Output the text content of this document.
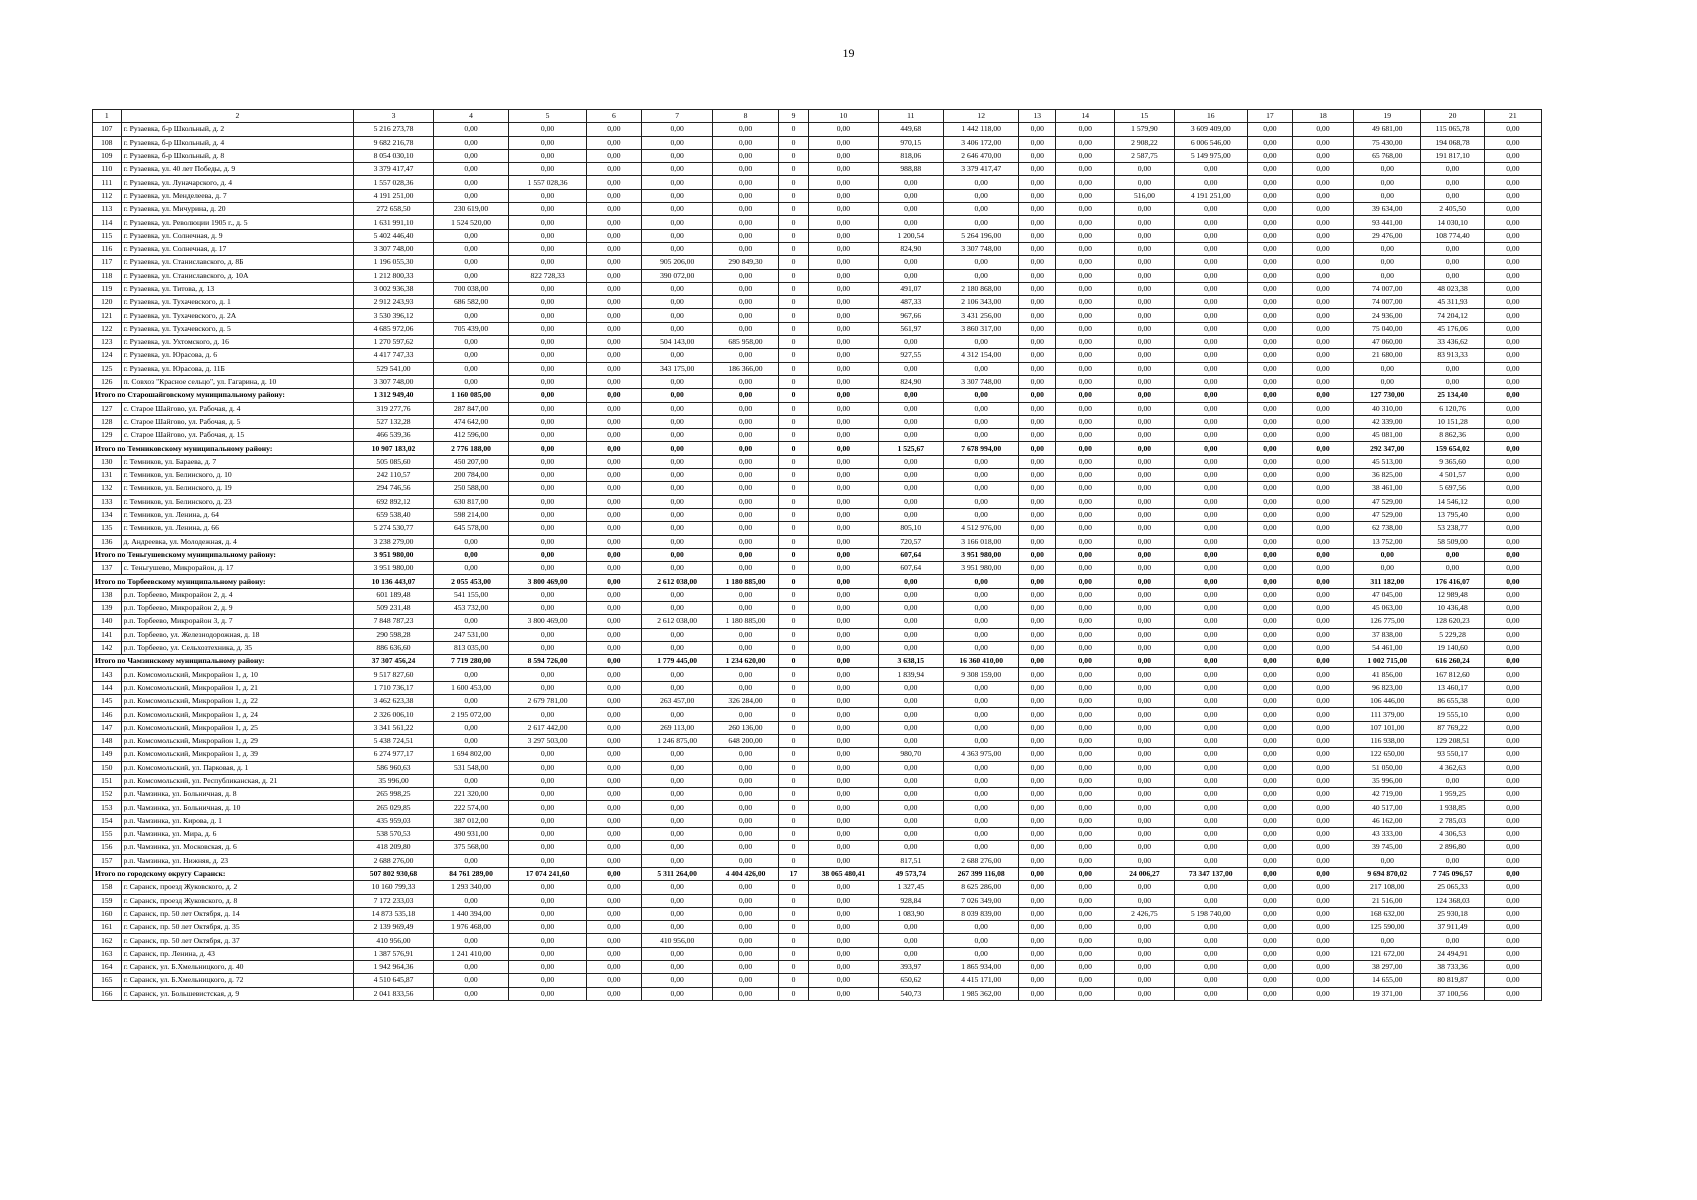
19
1	2	3	4	5	6	7	8	9	10	11	12	13	14	15	16	17	18	19	20	21
107	г. Рузаевка, б-р Школьный, д. 2	5 216 273,78	0,00	0,00	0,00	0,00	0,00	0	0,00	449,68	1 442 118,00	0,00	0,00	1 579,90	3 609 409,00	0,00	0,00	49 681,00	115 065,78	0,00
108	г. Рузаевка, б-р Школьный, д. 4	9 682 216,78	0,00	0,00	0,00	0,00	0,00	0	0,00	970,15	3 406 172,00	0,00	0,00	2 908,22	6 006 546,00	0,00	0,00	75 430,00	194 068,78	0,00
109	г. Рузаевка, б-р Школьный, д. 8	8 054 030,10	0,00	0,00	0,00	0,00	0,00	0	0,00	818,06	2 646 470,00	0,00	0,00	2 587,75	5 149 975,00	0,00	0,00	65 768,00	191 817,10	0,00
110	г. Рузаевка, ул. 40 лет Победы, д. 9	3 379 417,47	0,00	0,00	0,00	0,00	0,00	0	0,00	988,88	3 379 417,47	0,00	0,00	0,00	0,00	0,00	0,00	0,00	0,00	0,00
111	г. Рузаевка, ул. Луначарского, д. 4	1 557 028,36	0,00	1 557 028,36	0,00	0,00	0,00	0	0,00	0,00	0,00	0,00	0,00	0,00	0,00	0,00	0,00	0,00	0,00	0,00
112	г. Рузаевка, ул. Менделеева, д. 7	4 191 251,00	0,00	0,00	0,00	0,00	0,00	0	0,00	0,00	0,00	0,00	0,00	516,00	4 191 251,00	0,00	0,00	0,00	0,00	0,00
113	г. Рузаевка, ул. Мичурина, д. 20	272 658,50	230 619,00	0,00	0,00	0,00	0,00	0	0,00	0,00	0,00	0,00	0,00	0,00	0,00	0,00	0,00	39 634,00	2 405,50	0,00
114	г. Рузаевка, ул. Революции 1905 г., д. 5	1 631 991,10	1 524 520,00	0,00	0,00	0,00	0,00	0	0,00	0,00	0,00	0,00	0,00	0,00	0,00	0,00	0,00	93 441,00	14 030,10	0,00
115	г. Рузаевка, ул. Солнечная, д. 9	5 402 446,40	0,00	0,00	0,00	0,00	0,00	0	0,00	1 200,54	5 264 196,00	0,00	0,00	0,00	0,00	0,00	0,00	29 476,00	108 774,40	0,00
116	г. Рузаевка, ул. Солнечная, д. 17	3 307 748,00	0,00	0,00	0,00	0,00	0,00	0	0,00	824,90	3 307 748,00	0,00	0,00	0,00	0,00	0,00	0,00	0,00	0,00	0,00
117	г. Рузаевка, ул. Станиславского, д. 8Б	1 196 055,30	0,00	0,00	0,00	905 206,00	290 849,30	0	0,00	0,00	0,00	0,00	0,00	0,00	0,00	0,00	0,00	0,00	0,00	0,00
118	г. Рузаевка, ул. Станиславского, д. 10А	1 212 800,33	0,00	822 728,33	0,00	390 072,00	0,00	0	0,00	0,00	0,00	0,00	0,00	0,00	0,00	0,00	0,00	0,00	0,00	0,00
119	г. Рузаевка, ул. Титова, д. 13	3 002 936,38	700 038,00	0,00	0,00	0,00	0,00	0	0,00	491,07	2 180 868,00	0,00	0,00	0,00	0,00	0,00	0,00	74 007,00	48 023,38	0,00
120	г. Рузаевка, ул. Тухачевского, д. 1	2 912 243,93	686 582,00	0,00	0,00	0,00	0,00	0	0,00	487,33	2 106 343,00	0,00	0,00	0,00	0,00	0,00	0,00	74 007,00	45 311,93	0,00
121	г. Рузаевка, ул. Тухачевского, д. 2А	3 530 396,12	0,00	0,00	0,00	0,00	0,00	0	0,00	967,66	3 431 256,00	0,00	0,00	0,00	0,00	0,00	0,00	24 936,00	74 204,12	0,00
122	г. Рузаевка, ул. Тухачевского, д. 5	4 685 972,06	705 439,00	0,00	0,00	0,00	0,00	0	0,00	561,97	3 860 317,00	0,00	0,00	0,00	0,00	0,00	0,00	75 040,00	45 176,06	0,00
123	г. Рузаевка, ул. Ухтомского, д. 16	1 270 597,62	0,00	0,00	0,00	504 143,00	685 958,00	0	0,00	0,00	0,00	0,00	0,00	0,00	0,00	0,00	0,00	47 060,00	33 436,62	0,00
124	г. Рузаевка, ул. Юрасова, д. 6	4 417 747,33	0,00	0,00	0,00	0,00	0,00	0	0,00	927,55	4 312 154,00	0,00	0,00	0,00	0,00	0,00	0,00	21 680,00	83 913,33	0,00
125	г. Рузаевка, ул. Юрасова, д. 11Б	529 541,00	0,00	0,00	0,00	343 175,00	186 366,00	0	0,00	0,00	0,00	0,00	0,00	0,00	0,00	0,00	0,00	0,00	0,00	0,00
126	п. Совхоз "Красное сельцо", ул. Гагарина, д. 10	3 307 748,00	0,00	0,00	0,00	0,00	0,00	0	0,00	824,90	3 307 748,00	0,00	0,00	0,00	0,00	0,00	0,00	0,00	0,00	0,00
Итого по Старошайговскому муниципальному району:		1 312 949,40	1 160 085,00	0,00	0,00	0,00	0,00	0	0,00	0,00	0,00	0,00	0,00	0,00	0,00	0,00	0,00	127 730,00	25 134,40	0,00
127	с. Старое Шайгово, ул. Рабочая, д. 4	319 277,76	287 847,00	0,00	0,00	0,00	0,00	0	0,00	0,00	0,00	0,00	0,00	0,00	0,00	0,00	0,00	40 310,00	6 120,76	0,00
128	с. Старое Шайгово, ул. Рабочая, д. 5	527 132,28	474 642,00	0,00	0,00	0,00	0,00	0	0,00	0,00	0,00	0,00	0,00	0,00	0,00	0,00	0,00	42 339,00	10 151,28	0,00
129	с. Старое Шайгово, ул. Рабочая, д. 15	466 539,36	412 596,00	0,00	0,00	0,00	0,00	0	0,00	0,00	0,00	0,00	0,00	0,00	0,00	0,00	0,00	45 081,00	8 862,36	0,00
Итого по Темниковскому муниципальному району:		10 907 183,02	2 776 188,00	0,00	0,00	0,00	0,00	0	0,00	1 525,67	7 678 994,00	0,00	0,00	0,00	0,00	0,00	0,00	292 347,00	159 654,02	0,00
130	г. Темников, ул. Бараева, д. 7	505 085,60	450 207,00	0,00	0,00	0,00	0,00	0	0,00	0,00	0,00	0,00	0,00	0,00	0,00	0,00	0,00	45 513,00	9 365,60	0,00
131	г. Темников, ул. Белинского, д. 10	242 110,57	200 784,00	0,00	0,00	0,00	0,00	0	0,00	0,00	0,00	0,00	0,00	0,00	0,00	0,00	0,00	36 825,00	4 501,57	0,00
132	г. Темников, ул. Белинского, д. 19	294 746,56	250 588,00	0,00	0,00	0,00	0,00	0	0,00	0,00	0,00	0,00	0,00	0,00	0,00	0,00	0,00	38 461,00	5 697,56	0,00
133	г. Темников, ул. Белинского, д. 23	692 892,12	630 817,00	0,00	0,00	0,00	0,00	0	0,00	0,00	0,00	0,00	0,00	0,00	0,00	0,00	0,00	47 529,00	14 546,12	0,00
134	г. Темников, ул. Ленина, д. 64	659 538,40	598 214,00	0,00	0,00	0,00	0,00	0	0,00	0,00	0,00	0,00	0,00	0,00	0,00	0,00	0,00	47 529,00	13 795,40	0,00
135	г. Темников, ул. Ленина, д. 66	5 274 530,77	645 578,00	0,00	0,00	0,00	0,00	0	0,00	805,10	4 512 976,00	0,00	0,00	0,00	0,00	0,00	0,00	62 738,00	53 238,77	0,00
136	д. Андреевка, ул. Молодежная, д. 4	3 238 279,00	0,00	0,00	0,00	0,00	0,00	0	0,00	720,57	3 166 018,00	0,00	0,00	0,00	0,00	0,00	0,00	13 752,00	58 509,00	0,00
Итого по Теньгушевскому муниципальному району:		3 951 980,00	0,00	0,00	0,00	0,00	0,00	0	0,00	607,64	3 951 980,00	0,00	0,00	0,00	0,00	0,00	0,00	0,00	0,00	0,00
137	с. Теньгушево, Микрорайон, д. 17	3 951 980,00	0,00	0,00	0,00	0,00	0,00	0	0,00	607,64	3 951 980,00	0,00	0,00	0,00	0,00	0,00	0,00	0,00	0,00	0,00
Итого по Торбеевскому муниципальному району:		10 136 443,07	2 055 453,00	3 800 469,00	0,00	2 612 038,00	1 180 885,00	0	0,00	0,00	0,00	0,00	0,00	0,00	0,00	0,00	0,00	311 182,00	176 416,07	0,00
138	р.п. Торбеево, Микрорайон 2, д. 4	601 189,48	541 155,00	0,00	0,00	0,00	0,00	0	0,00	0,00	0,00	0,00	0,00	0,00	0,00	0,00	0,00	47 045,00	12 989,48	0,00
139	р.п. Торбеево, Микрорайон 2, д. 9	509 231,48	453 732,00	0,00	0,00	0,00	0,00	0	0,00	0,00	0,00	0,00	0,00	0,00	0,00	0,00	0,00	45 063,00	10 436,48	0,00
140	р.п. Торбеево, Микрорайон 3, д. 7	7 848 787,23	0,00	3 800 469,00	0,00	2 612 038,00	1 180 885,00	0	0,00	0,00	0,00	0,00	0,00	0,00	0,00	0,00	0,00	126 775,00	128 620,23	0,00
141	р.п. Торбеево, ул. Железнодорожная, д. 18	290 598,28	247 531,00	0,00	0,00	0,00	0,00	0	0,00	0,00	0,00	0,00	0,00	0,00	0,00	0,00	0,00	37 838,00	5 229,28	0,00
142	р.п. Торбеево, ул. Сельхозтехника, д. 35	886 636,60	813 035,00	0,00	0,00	0,00	0,00	0	0,00	0,00	0,00	0,00	0,00	0,00	0,00	0,00	0,00	54 461,00	19 140,60	0,00
Итого по Чамзинскому муниципальному району:		37 307 456,24	7 719 280,00	8 594 726,00	0,00	1 779 445,00	1 234 620,00	0	0,00	3 638,15	16 360 410,00	0,00	0,00	0,00	0,00	0,00	0,00	1 002 715,00	616 260,24	0,00
143	р.п. Комсомольский, Микрорайон 1, д. 10	9 517 827,60	0,00	0,00	0,00	0,00	0,00	0	0,00	1 839,94	9 308 159,00	0,00	0,00	0,00	0,00	0,00	0,00	41 856,00	167 812,60	0,00
144	р.п. Комсомольский, Микрорайон 1, д. 21	1 710 736,17	1 600 453,00	0,00	0,00	0,00	0,00	0	0,00	0,00	0,00	0,00	0,00	0,00	0,00	0,00	0,00	96 823,00	13 460,17	0,00
145	р.п. Комсомольский, Микрорайон 1, д. 22	3 462 623,38	0,00	2 679 781,00	0,00	263 457,00	326 284,00	0	0,00	0,00	0,00	0,00	0,00	0,00	0,00	0,00	0,00	106 446,00	86 655,38	0,00
146	р.п. Комсомольский, Микрорайон 1, д. 24	2 326 006,10	2 195 072,00	0,00	0,00	0,00	0,00	0	0,00	0,00	0,00	0,00	0,00	0,00	0,00	0,00	0,00	111 379,00	19 555,10	0,00
147	р.п. Комсомольский, Микрорайон 1, д. 25	3 341 561,22	0,00	2 617 442,00	0,00	269 113,00	260 136,00	0	0,00	0,00	0,00	0,00	0,00	0,00	0,00	0,00	0,00	107 101,00	87 769,22	0,00
148	р.п. Комсомольский, Микрорайон 1, д. 29	5 438 724,51	0,00	3 297 503,00	0,00	1 246 875,00	648 200,00	0	0,00	0,00	0,00	0,00	0,00	0,00	0,00	0,00	0,00	116 938,00	129 208,51	0,00
149	р.п. Комсомольский, Микрорайон 1, д. 39	6 274 977,17	1 694 802,00	0,00	0,00	0,00	0,00	0	0,00	980,70	4 363 975,00	0,00	0,00	0,00	0,00	0,00	0,00	122 650,00	93 550,17	0,00
150	р.п. Комсомольский, ул. Парковая, д. 1	586 960,63	531 548,00	0,00	0,00	0,00	0,00	0	0,00	0,00	0,00	0,00	0,00	0,00	0,00	0,00	0,00	51 050,00	4 362,63	0,00
151	р.п. Комсомольский, ул. Республиканская, д. 21	35 996,00	0,00	0,00	0,00	0,00	0,00	0	0,00	0,00	0,00	0,00	0,00	0,00	0,00	0,00	0,00	35 996,00	0,00	0,00
152	р.п. Чамзинка, ул. Больничная, д. 8	265 998,25	221 320,00	0,00	0,00	0,00	0,00	0	0,00	0,00	0,00	0,00	0,00	0,00	0,00	0,00	0,00	42 719,00	1 959,25	0,00
153	р.п. Чамзинка, ул. Больничная, д. 10	265 029,85	222 574,00	0,00	0,00	0,00	0,00	0	0,00	0,00	0,00	0,00	0,00	0,00	0,00	0,00	0,00	40 517,00	1 938,85	0,00
154	р.п. Чамзинка, ул. Кирова, д. 1	435 959,03	387 012,00	0,00	0,00	0,00	0,00	0	0,00	0,00	0,00	0,00	0,00	0,00	0,00	0,00	0,00	46 162,00	2 785,03	0,00
155	р.п. Чамзинка, ул. Мира, д. 6	538 570,53	490 931,00	0,00	0,00	0,00	0,00	0	0,00	0,00	0,00	0,00	0,00	0,00	0,00	0,00	0,00	43 333,00	4 306,53	0,00
156	р.п. Чамзинка, ул. Московская, д. 6	418 209,80	375 568,00	0,00	0,00	0,00	0,00	0	0,00	0,00	0,00	0,00	0,00	0,00	0,00	0,00	0,00	39 745,00	2 896,80	0,00
157	р.п. Чамзинка, ул. Нижняя, д. 23	2 688 276,00	0,00	0,00	0,00	0,00	0,00	0	0,00	817,51	2 688 276,00	0,00	0,00	0,00	0,00	0,00	0,00	0,00	0,00	0,00
Итого по городскому округу Саранск:		507 802 930,68	84 761 289,00	17 074 241,60	0,00	5 311 264,00	4 404 426,00	17	38 065 480,41	49 573,74	267 399 116,08	0,00	0,00	24 006,27	73 347 137,00	0,00	0,00	9 694 870,02	7 745 096,57	0,00
158	г. Саранск, проезд Жуковского, д. 2	10 160 799,33	1 293 340,00	0,00	0,00	0,00	0,00	0	0,00	1 327,45	8 625 286,00	0,00	0,00	0,00	0,00	0,00	0,00	217 108,00	25 065,33	0,00
159	г. Саранск, проезд Жуковского, д. 8	7 172 233,03	0,00	0,00	0,00	0,00	0,00	0	0,00	928,84	7 026 349,00	0,00	0,00	0,00	0,00	0,00	0,00	21 516,00	124 368,03	0,00
160	г. Саранск, пр. 50 лет Октября, д. 14	14 873 535,18	1 440 394,00	0,00	0,00	0,00	0,00	0	0,00	1 083,90	8 039 839,00	0,00	0,00	2 426,75	5 198 740,00	0,00	0,00	168 632,00	25 930,18	0,00
161	г. Саранск, пр. 50 лет Октября, д. 35	2 139 969,49	1 976 468,00	0,00	0,00	0,00	0,00	0	0,00	0,00	0,00	0,00	0,00	0,00	0,00	0,00	0,00	125 590,00	37 911,49	0,00
162	г. Саранск, пр. 50 лет Октября, д. 37	410 956,00	0,00	0,00	0,00	410 956,00	0,00	0	0,00	0,00	0,00	0,00	0,00	0,00	0,00	0,00	0,00	0,00	0,00	0,00
163	г. Саранск, пр. Ленина, д. 43	1 387 576,91	1 241 410,00	0,00	0,00	0,00	0,00	0	0,00	0,00	0,00	0,00	0,00	0,00	0,00	0,00	0,00	121 672,00	24 494,91	0,00
164	г. Саранск, ул. Б.Хмельницкого, д. 40	1 942 964,36	0,00	0,00	0,00	0,00	0,00	0	0,00	393,97	1 865 934,00	0,00	0,00	0,00	0,00	0,00	0,00	38 297,00	38 733,36	0,00
165	г. Саранск, ул. Б.Хмельницкого, д. 72	4 510 645,87	0,00	0,00	0,00	0,00	0,00	0	0,00	650,62	4 415 171,00	0,00	0,00	0,00	0,00	0,00	0,00	14 655,00	80 819,87	0,00
166	г. Саранск, ул. Большевистская, д. 9	2 041 833,56	0,00	0,00	0,00	0,00	0,00	0	0,00	540,73	1 985 362,00	0,00	0,00	0,00	0,00	0,00	0,00	19 371,00	37 100,56	0,00
